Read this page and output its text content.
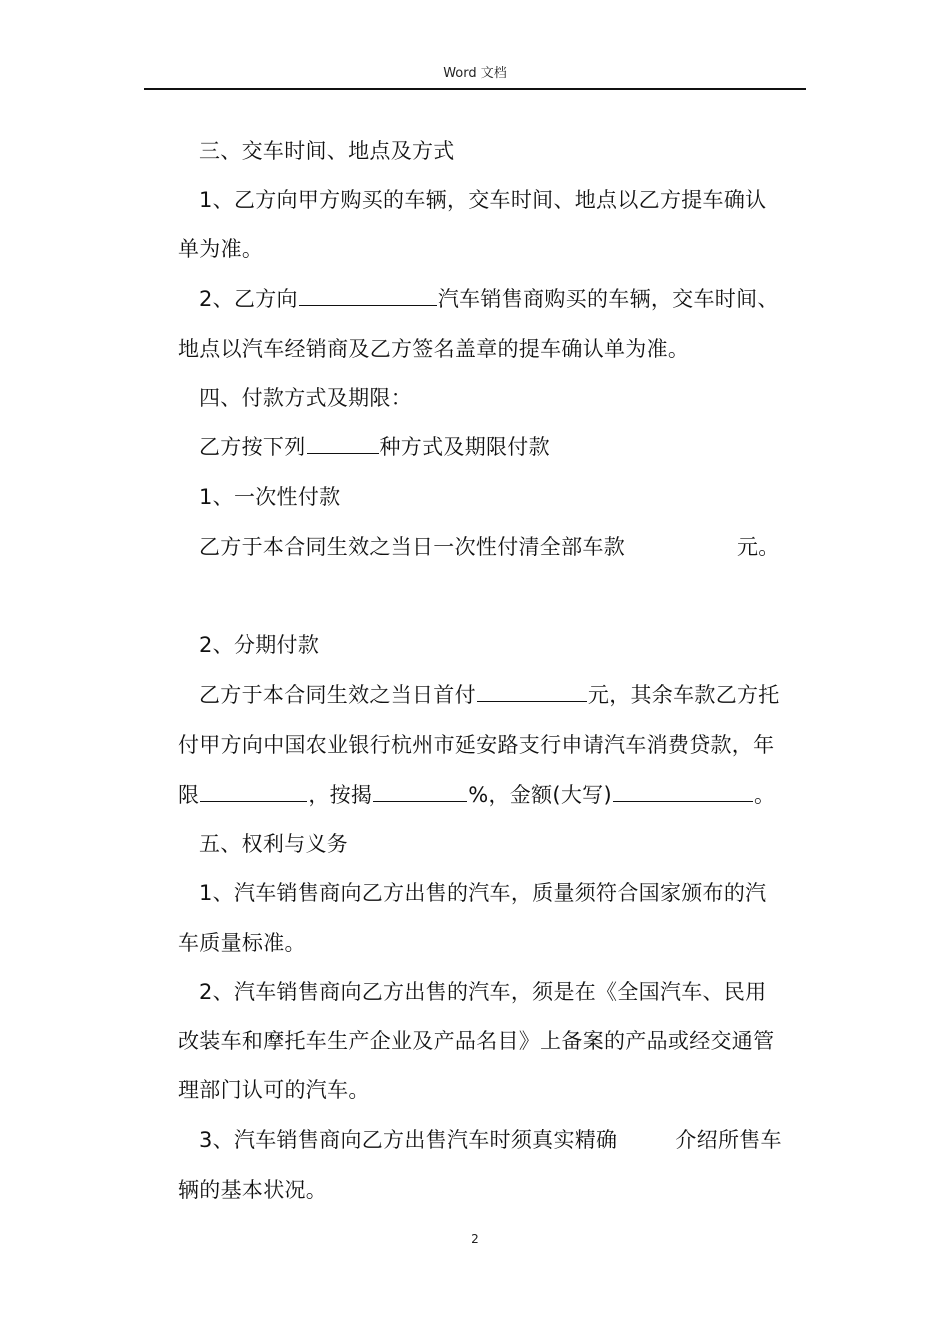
Word 文档
三、交车时间、地点及方式
1、乙方向甲方购买的车辆，交车时间、地点以乙方提车确认
单为准。
2、乙方向	汽车销售商购买的车辆，交车时间、
地点以汽车经销商及乙方签名盖章的提车确认单为准。
四、付款方式及期限：
乙方按下列	种方式及期限付款
1、一次性付款
乙方于本合同生效之当日一次性付清全部车款	元。
2、分期付款
乙方于本合同生效之当日首付	元，其余车款乙方托
付甲方向中国农业银行杭州市延安路支行申请汽车消费贷款，年
限	，按揭	%，金额(大写)	。
五、权利与义务
1、汽车销售商向乙方出售的汽车，质量须符合国家颁布的汽
车质量标准。
2、汽车销售商向乙方出售的汽车，须是在《全国汽车、民用
改装车和摩托车生产企业及产品名目》上备案的产品或经交通管
理部门认可的汽车。
3、汽车销售商向乙方出售汽车时须真实精确	介绍所售车
辆的基本状况。
2
